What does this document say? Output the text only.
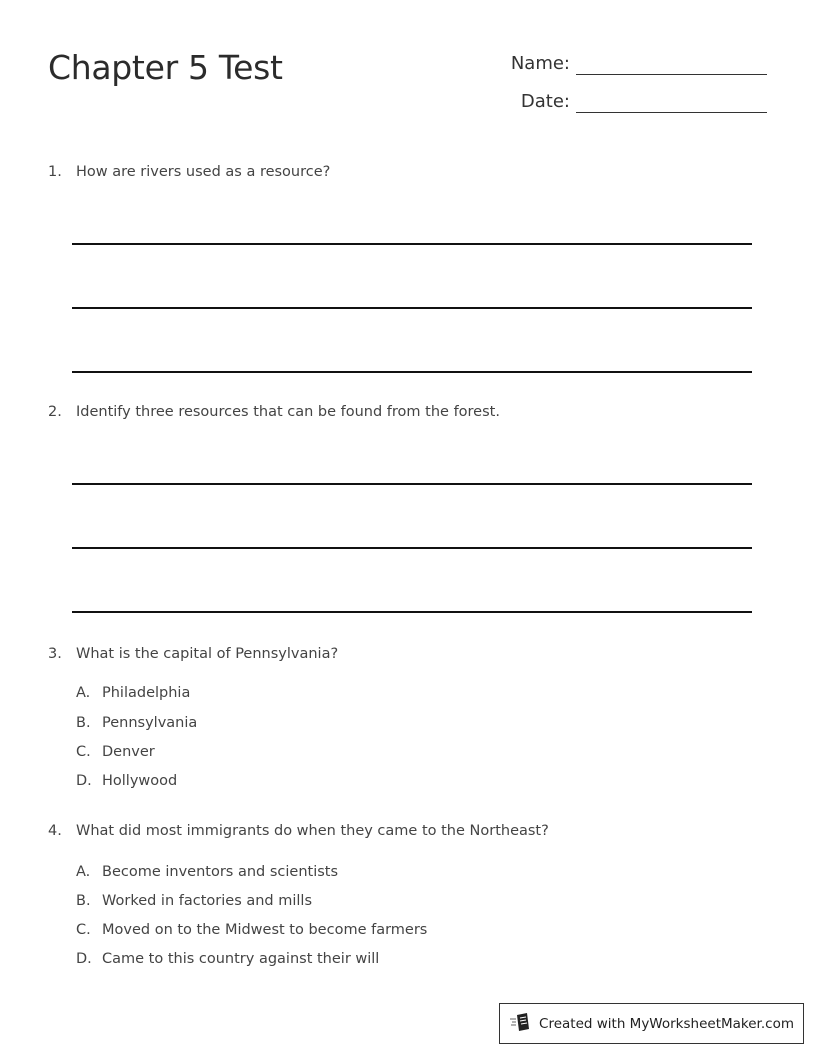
Chapter 5 Test	Name:
Date:
1. How are rivers used as a resource?
2. Identify three resources that can be found from the forest.
3. What is the capital of Pennsylvania?
A. Philadelphia
B. Pennsylvania
C. Denver
D. Hollywood
4. What did most immigrants do when they came to the Northeast?
A. Become inventors and scientists
B. Worked in factories and mills
C. Moved on to the Midwest to become farmers
D. Came to this country against their will
Created with MyWorksheetMaker.com
